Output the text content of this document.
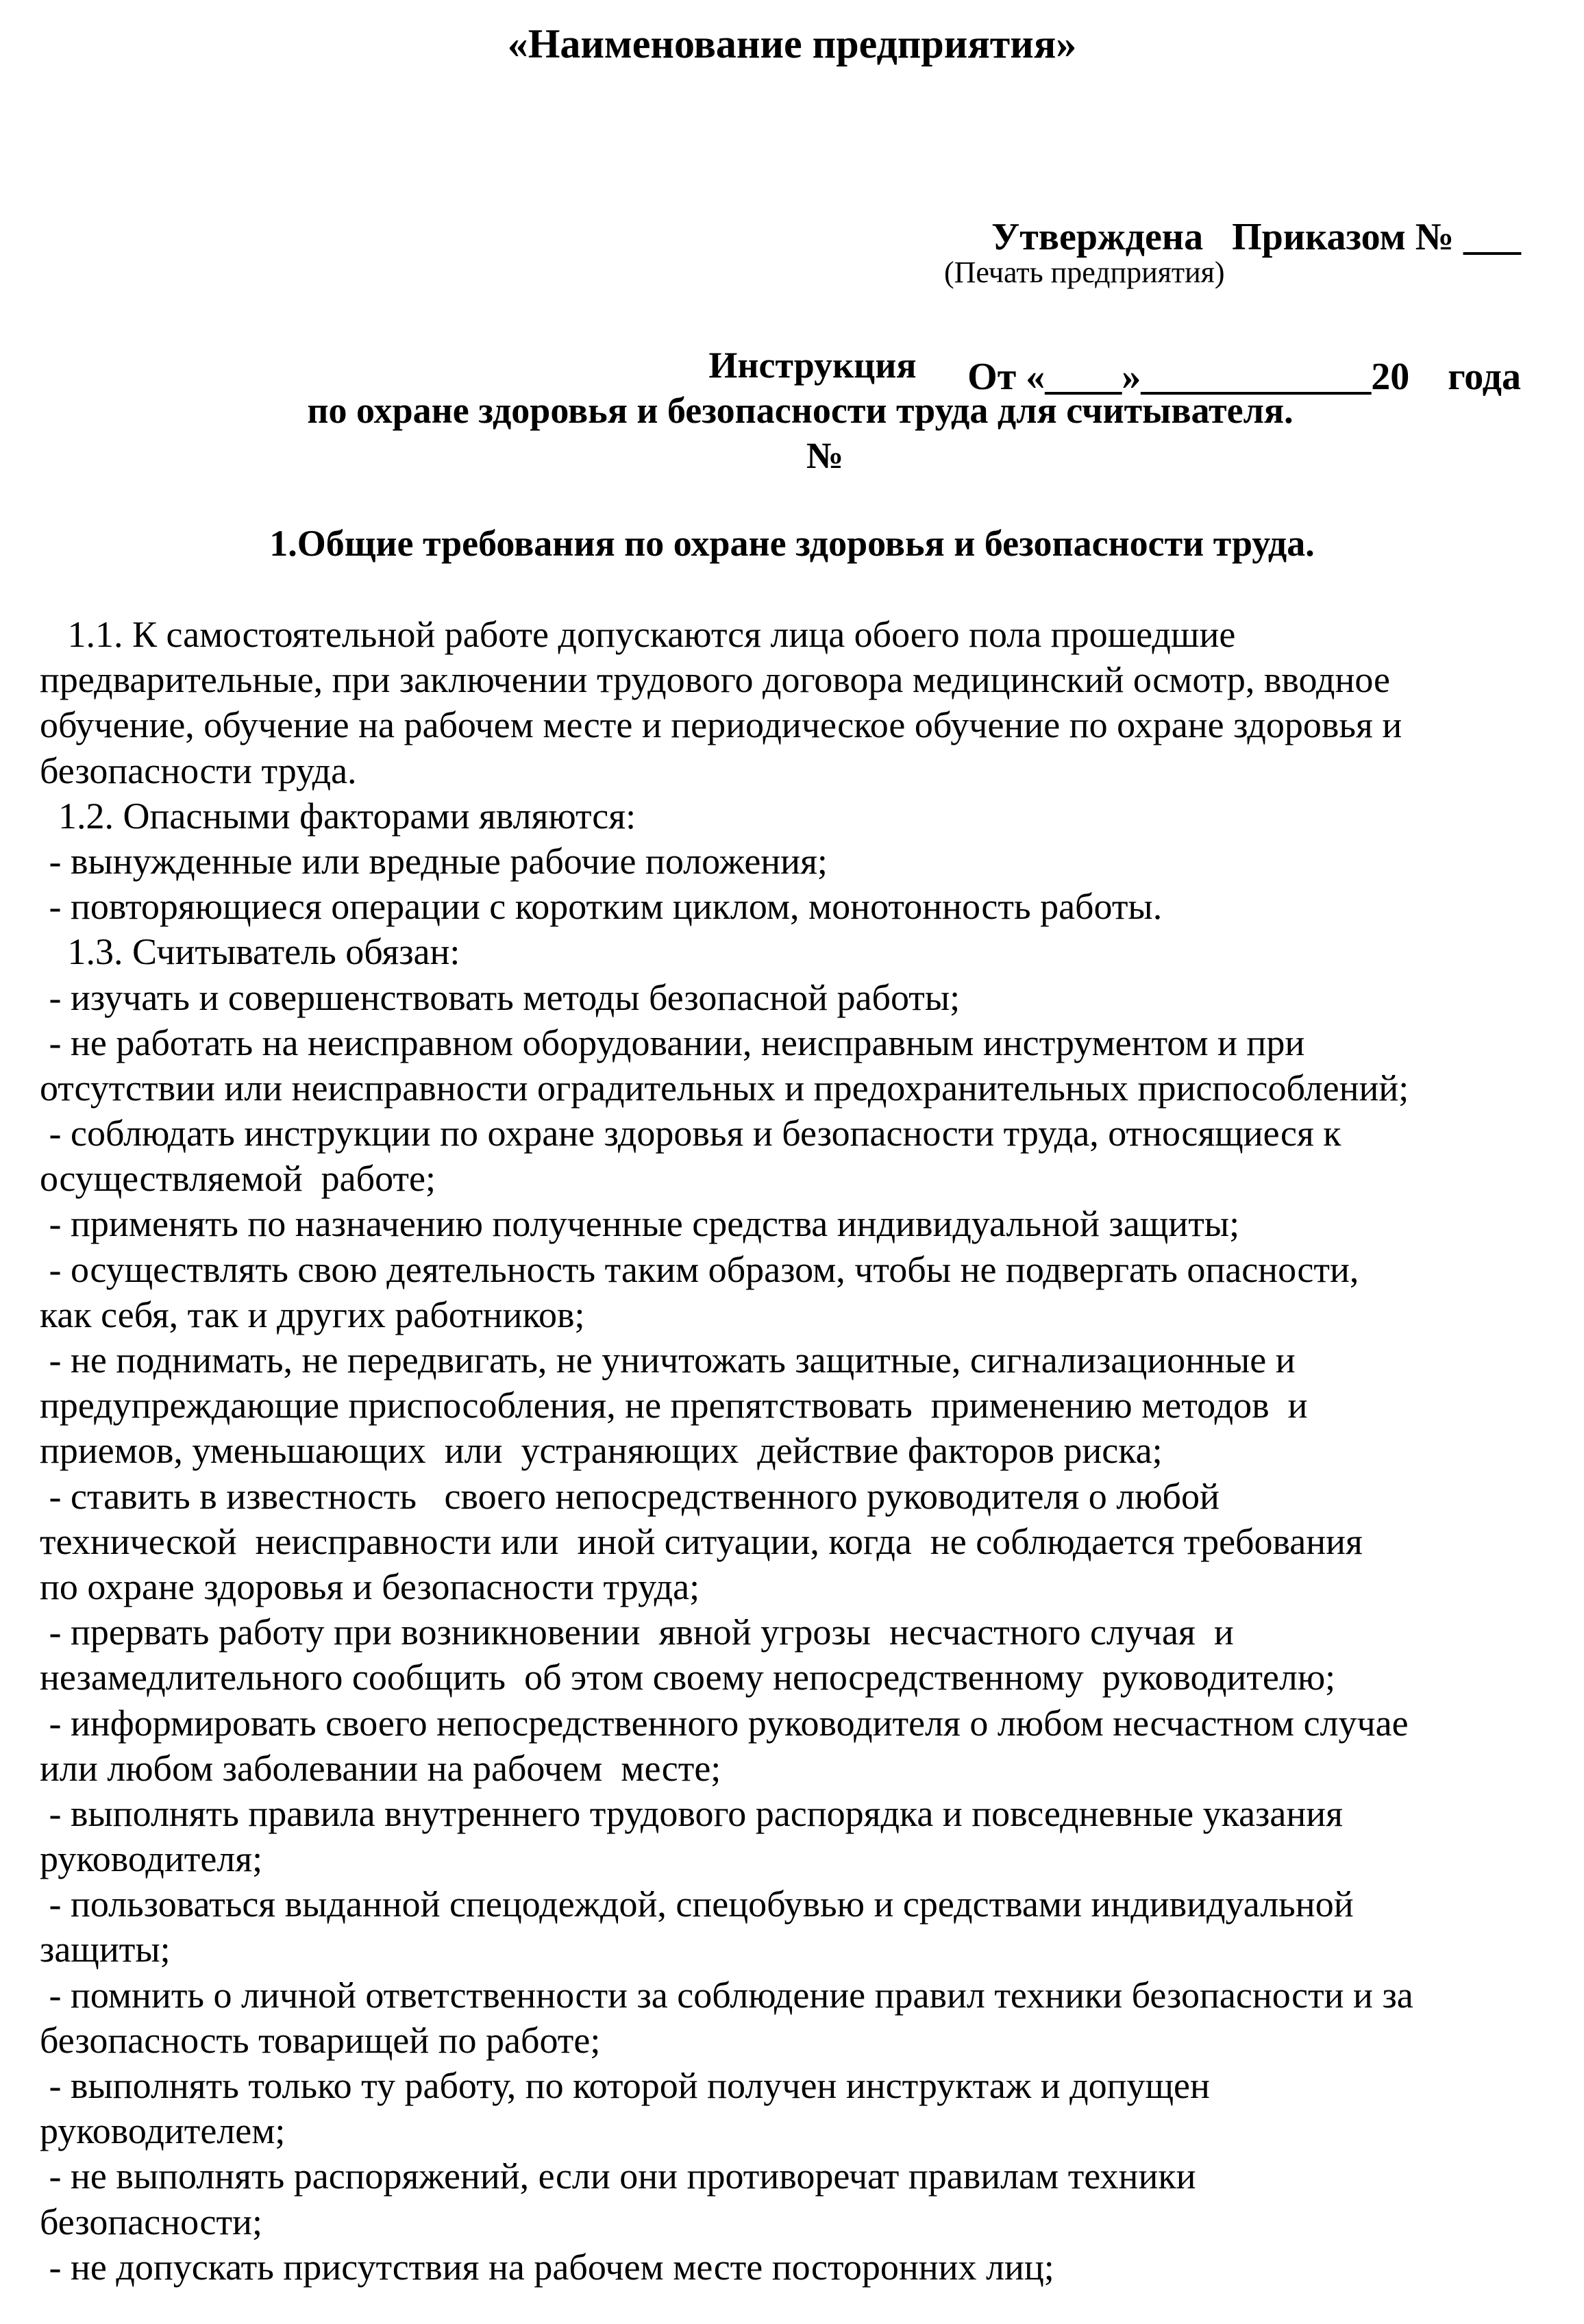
«Наименование предприятия»

Утверждена   Приказом № ___

От «____»____________20    года

(Печать предприятия)
Инструкция
по охране здоровья и безопасности труда для считывателя.
№
1.Общие требования по охране здоровья и безопасности труда.
1.1. К самостоятельной работе допускаются лица обоего пола прошедшие
предварительные, при заключении трудового договора медицинский осмотр, вводное
обучение, обучение на рабочем месте и периодическое обучение по охране здоровья и
безопасности труда.
1.2. Опасными факторами являются:
- вынужденные или вредные рабочие положения;
- повторяющиеся операции с коротким циклом, монотонность работы.
1.3. Считыватель обязан:
- изучать и совершенствовать методы безопасной работы;
- не работать на неисправном оборудовании, неисправным инструментом и при
отсутствии или неисправности оградительных и предохранительных приспособлений;
- соблюдать инструкции по охране здоровья и безопасности труда, относящиеся к
осуществляемой  работе;
- применять по назначению полученные средства индивидуальной защиты;
- осуществлять свою деятельность таким образом, чтобы не подвергать опасности,
как себя, так и других работников;
- не поднимать, не передвигать, не уничтожать защитные, сигнализационные и
предупреждающие приспособления, не препятствовать  применению методов  и
приемов, уменьшающих  или  устраняющих  действие факторов риска;
- ставить в известность   своего непосредственного руководителя о любой
технической  неисправности или  иной ситуации, когда  не соблюдается требования
по охране здоровья и безопасности труда;
- прервать работу при возникновении  явной угрозы  несчастного случая  и
незамедлительного сообщить  об этом своему непосредственному  руководителю;
- информировать своего непосредственного руководителя о любом несчастном случае
или любом заболевании на рабочем  месте;
- выполнять правила внутреннего трудового распорядка и повседневные указания
руководителя;
- пользоваться выданной спецодеждой, спецобувью и средствами индивидуальной
защиты;
- помнить о личной ответственности за соблюдение правил техники безопасности и за
безопасность товарищей по работе;
- выполнять только ту работу, по которой получен инструктаж и допущен
руководителем;
- не выполнять распоряжений, если они противоречат правилам техники
безопасности;
- не допускать присутствия на рабочем месте посторонних лиц;
